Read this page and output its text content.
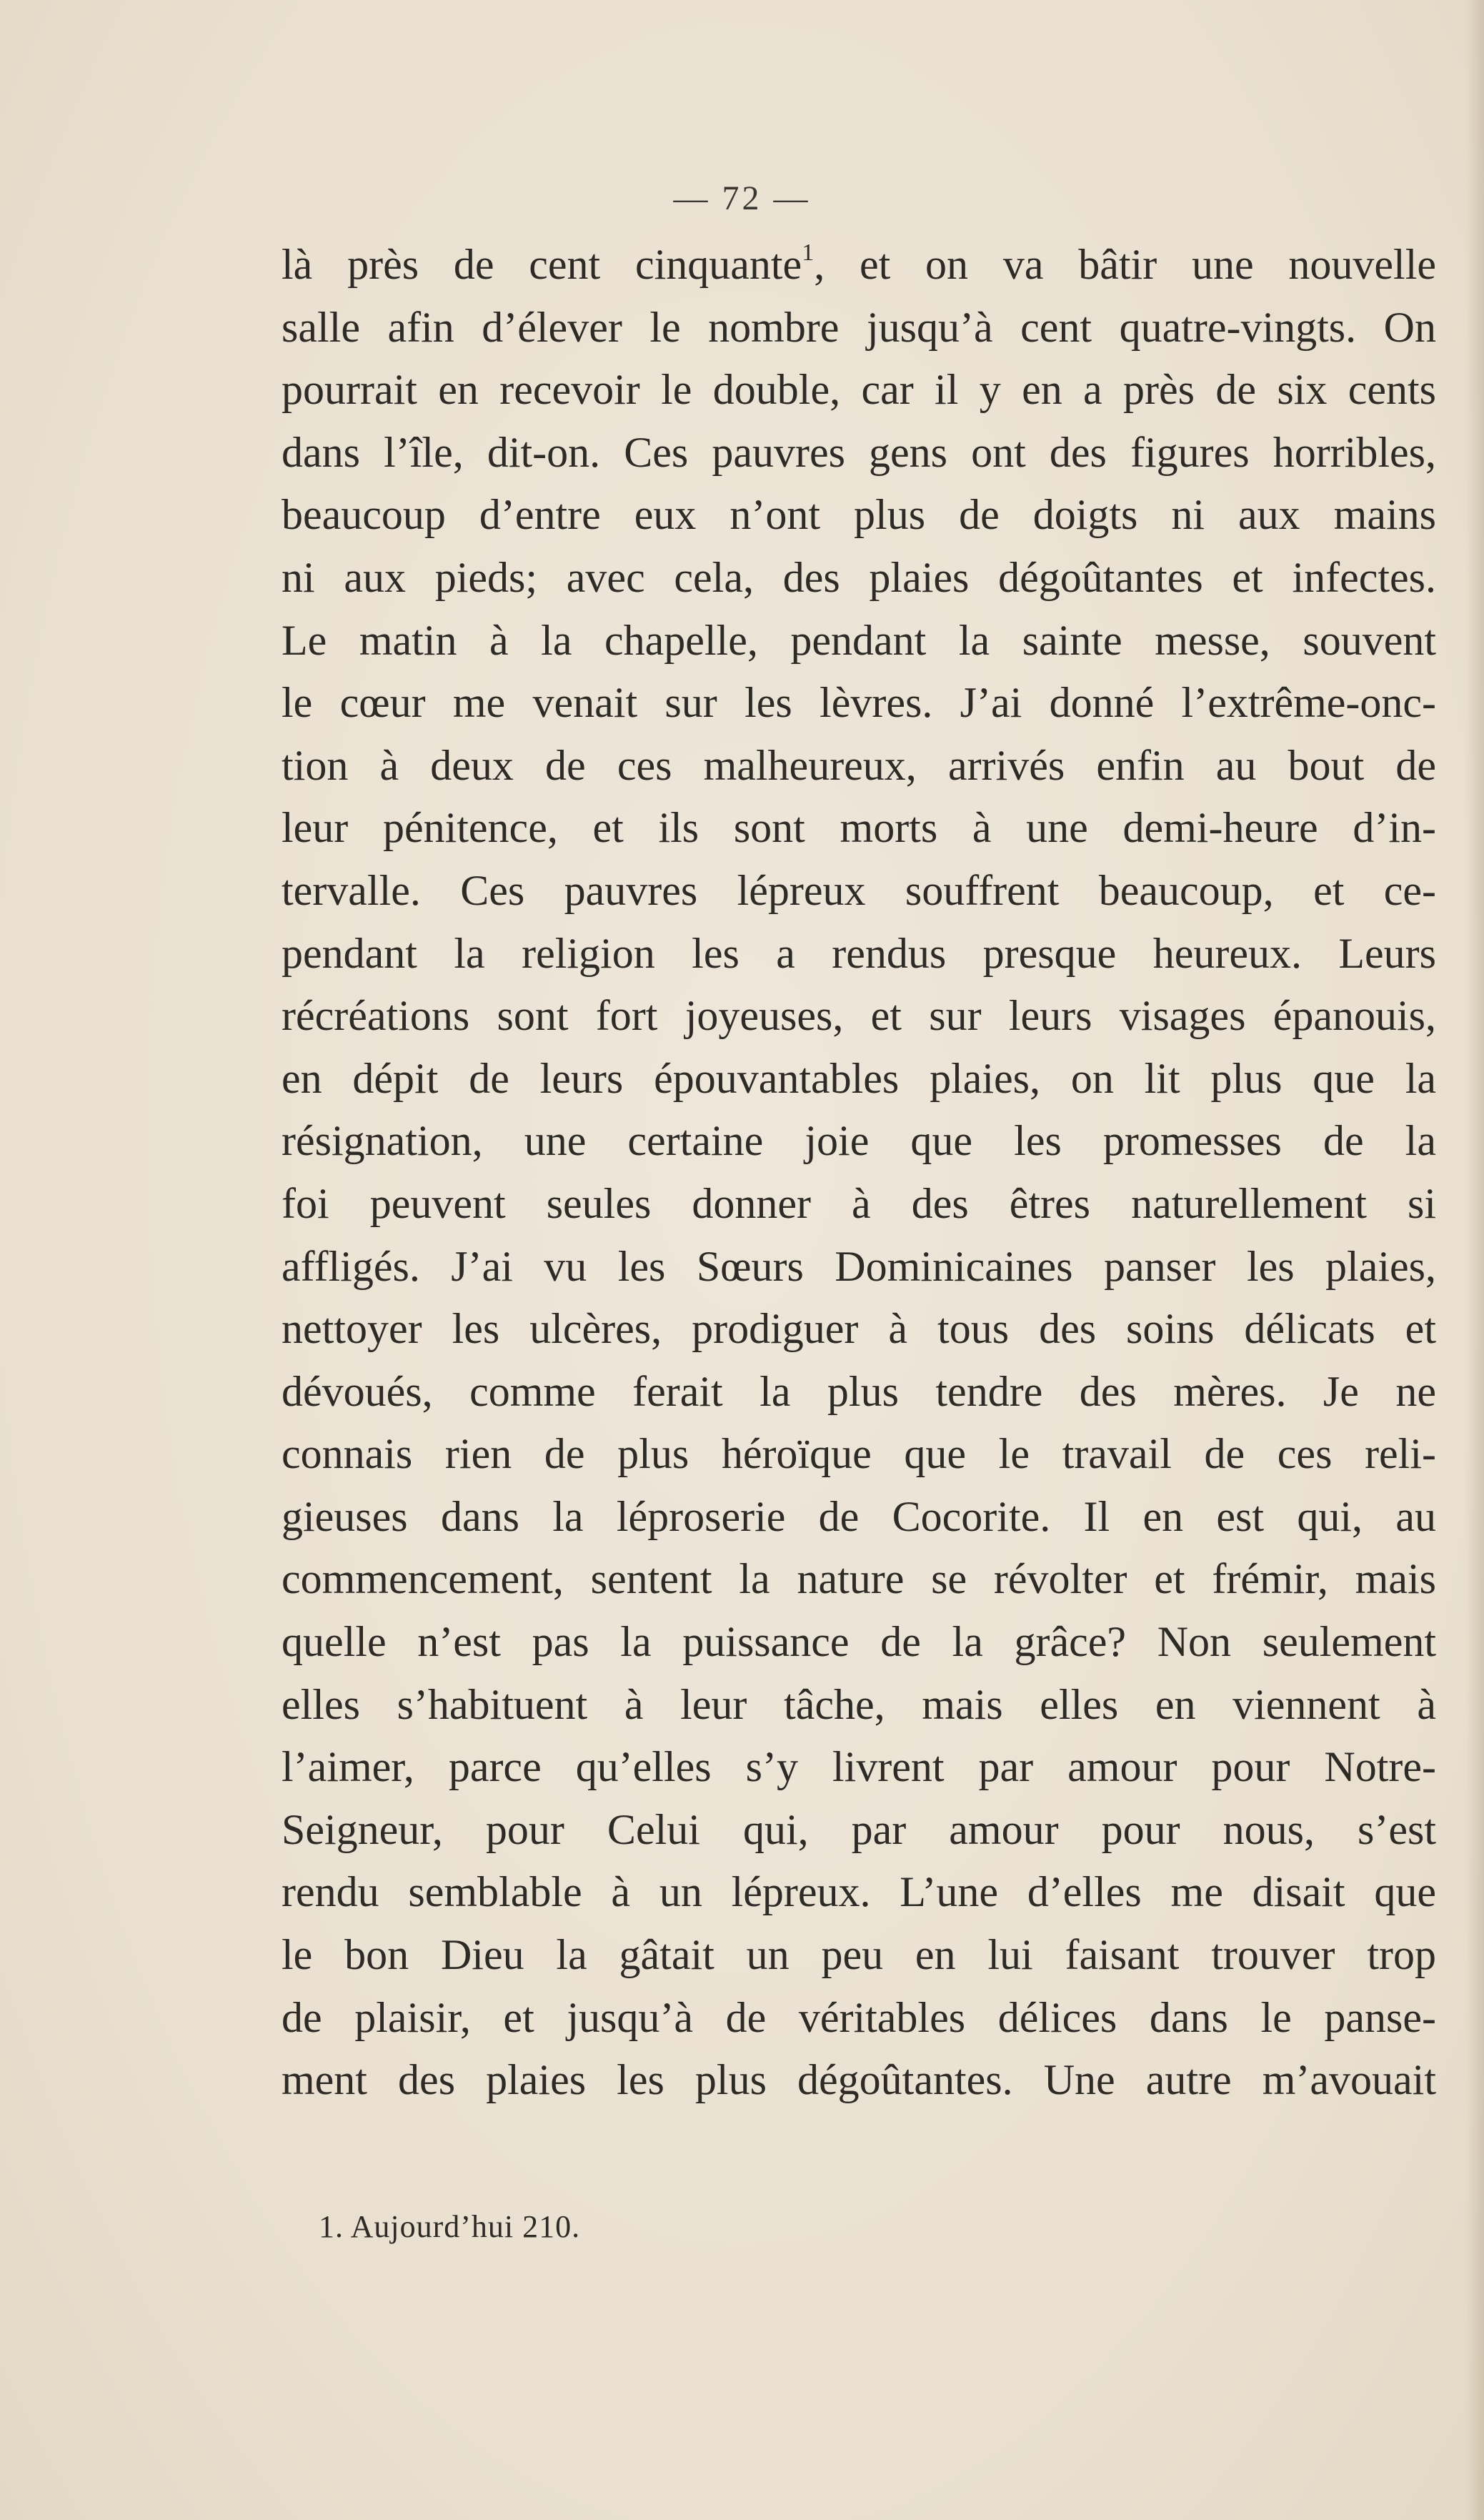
— 72 —
là près de cent cinquante$^1$, et on va bâtir une nouvelle
salle afin d’élever le nombre jusqu’à cent quatre-vingts. On
pourrait en recevoir le double, car il y en a près de six cents
dans l’île, dit-on. Ces pauvres gens ont des figures horribles,
beaucoup d’entre eux n’ont plus de doigts ni aux mains
ni aux pieds; avec cela, des plaies dégoûtantes et infectes.
Le matin à la chapelle, pendant la sainte messe, souvent
le cœur me venait sur les lèvres. J’ai donné l’extrême-onc-
tion à deux de ces malheureux, arrivés enfin au bout de
leur pénitence, et ils sont morts à une demi-heure d’in-
tervalle. Ces pauvres lépreux souffrent beaucoup, et ce-
pendant la religion les a rendus presque heureux. Leurs
récréations sont fort joyeuses, et sur leurs visages épanouis,
en dépit de leurs épouvantables plaies, on lit plus que la
résignation, une certaine joie que les promesses de la
foi peuvent seules donner à des êtres naturellement si
affligés. J’ai vu les Sœurs Dominicaines panser les plaies,
nettoyer les ulcères, prodiguer à tous des soins délicats et
dévoués, comme ferait la plus tendre des mères. Je ne
connais rien de plus héroïque que le travail de ces reli-
gieuses dans la léproserie de Cocorite. Il en est qui, au
commencement, sentent la nature se révolter et frémir, mais
quelle n’est pas la puissance de la grâce? Non seulement
elles s’habituent à leur tâche, mais elles en viennent à
l’aimer, parce qu’elles s’y livrent par amour pour Notre-
Seigneur, pour Celui qui, par amour pour nous, s’est
rendu semblable à un lépreux. L’une d’elles me disait que
le bon Dieu la gâtait un peu en lui faisant trouver trop
de plaisir, et jusqu’à de véritables délices dans le panse-
ment des plaies les plus dégoûtantes. Une autre m’avouait
1. Aujourd’hui 210.
